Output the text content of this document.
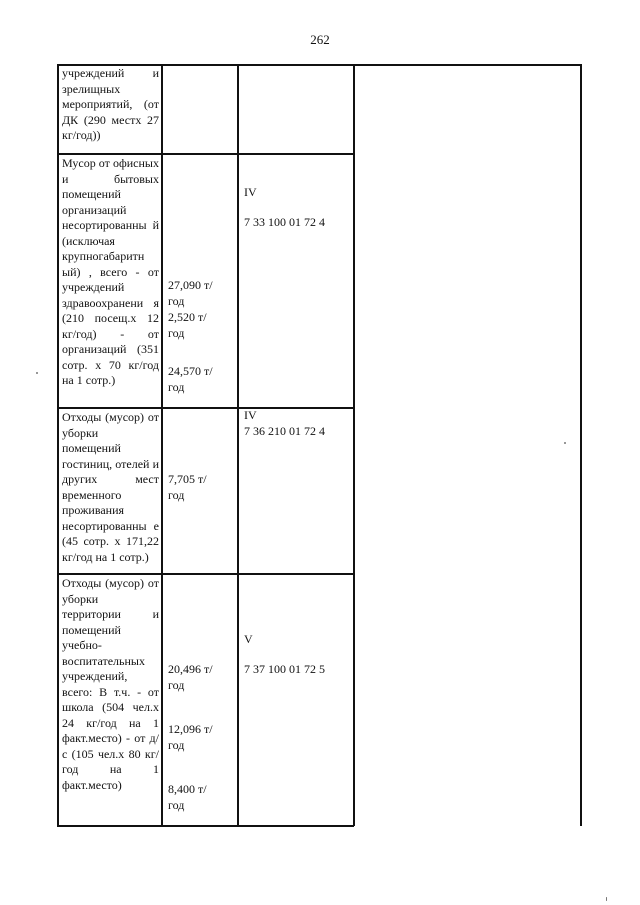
262
учреждений и зрелищных мероприятий, (от ДК (290 местх 27 кг/год))
Мусор от офисных и бытовых помещений организаций несортированны й (исключая крупногабаритн ый) , всего - от учреждений здравоохранени я (210 посещ.х 12 кг/год) - от организаций (351 сотр. х 70 кг/год на 1 сотр.)
27,090 т/год
2,520 т/год
24,570 т/год
IV
7 33 100 01 72 4
Отходы (мусор) от уборки помещений гостиниц, отелей и других мест временного проживания несортированны е (45 сотр. х 171,22 кг/год на 1 сотр.)
7,705 т/год
IV
7 36 210 01 72 4
Отходы (мусор) от уборки территории и помещений учебно-воспитательных учреждений, всего: В т.ч. - от школа (504 чел.х 24 кг/год на 1 факт.место) - от д/с (105 чел.х 80 кг/год на 1 факт.место)
20,496 т/год
12,096 т/год
8,400 т/год
V
7 37 100 01 72 5
